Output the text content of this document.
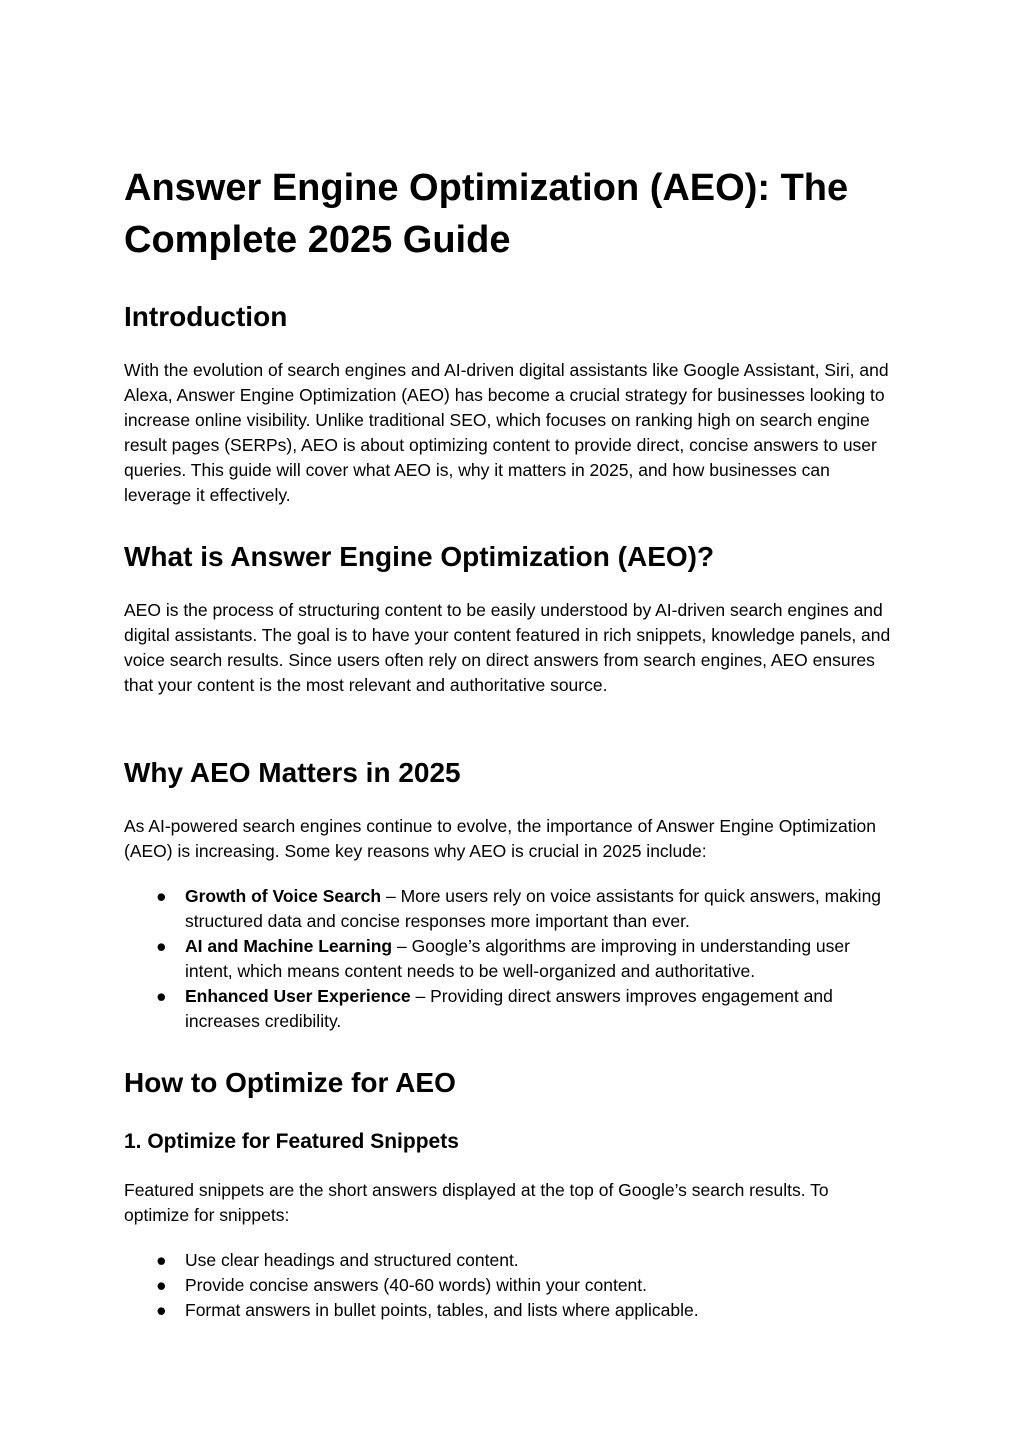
Answer Engine Optimization (AEO): The Complete 2025 Guide
Introduction

With the evolution of search engines and AI-driven digital assistants like Google Assistant, Siri, and Alexa, Answer Engine Optimization (AEO) has become a crucial strategy for businesses looking to increase online visibility. Unlike traditional SEO, which focuses on ranking high on search engine result pages (SERPs), AEO is about optimizing content to provide direct, concise answers to user queries. This guide will cover what AEO is, why it matters in 2025, and how businesses can leverage it effectively.

What is Answer Engine Optimization (AEO)?

AEO is the process of structuring content to be easily understood by AI-driven search engines and digital assistants. The goal is to have your content featured in rich snippets, knowledge panels, and voice search results. Since users often rely on direct answers from search engines, AEO ensures that your content is the most relevant and authoritative source.

Why AEO Matters in 2025

As AI-powered search engines continue to evolve, the importance of Answer Engine Optimization (AEO) is increasing. Some key reasons why AEO is crucial in 2025 include:

● Growth of Voice Search – More users rely on voice assistants for quick answers, making structured data and concise responses more important than ever.
● AI and Machine Learning – Google’s algorithms are improving in understanding user intent, which means content needs to be well-organized and authoritative.
● Enhanced User Experience – Providing direct answers improves engagement and increases credibility.
How to Optimize for AEO
1. Optimize for Featured Snippets

Featured snippets are the short answers displayed at the top of Google’s search results. To optimize for snippets:

● Use clear headings and structured content.
● Provide concise answers (40-60 words) within your content.
● Format answers in bullet points, tables, and lists where applicable.
